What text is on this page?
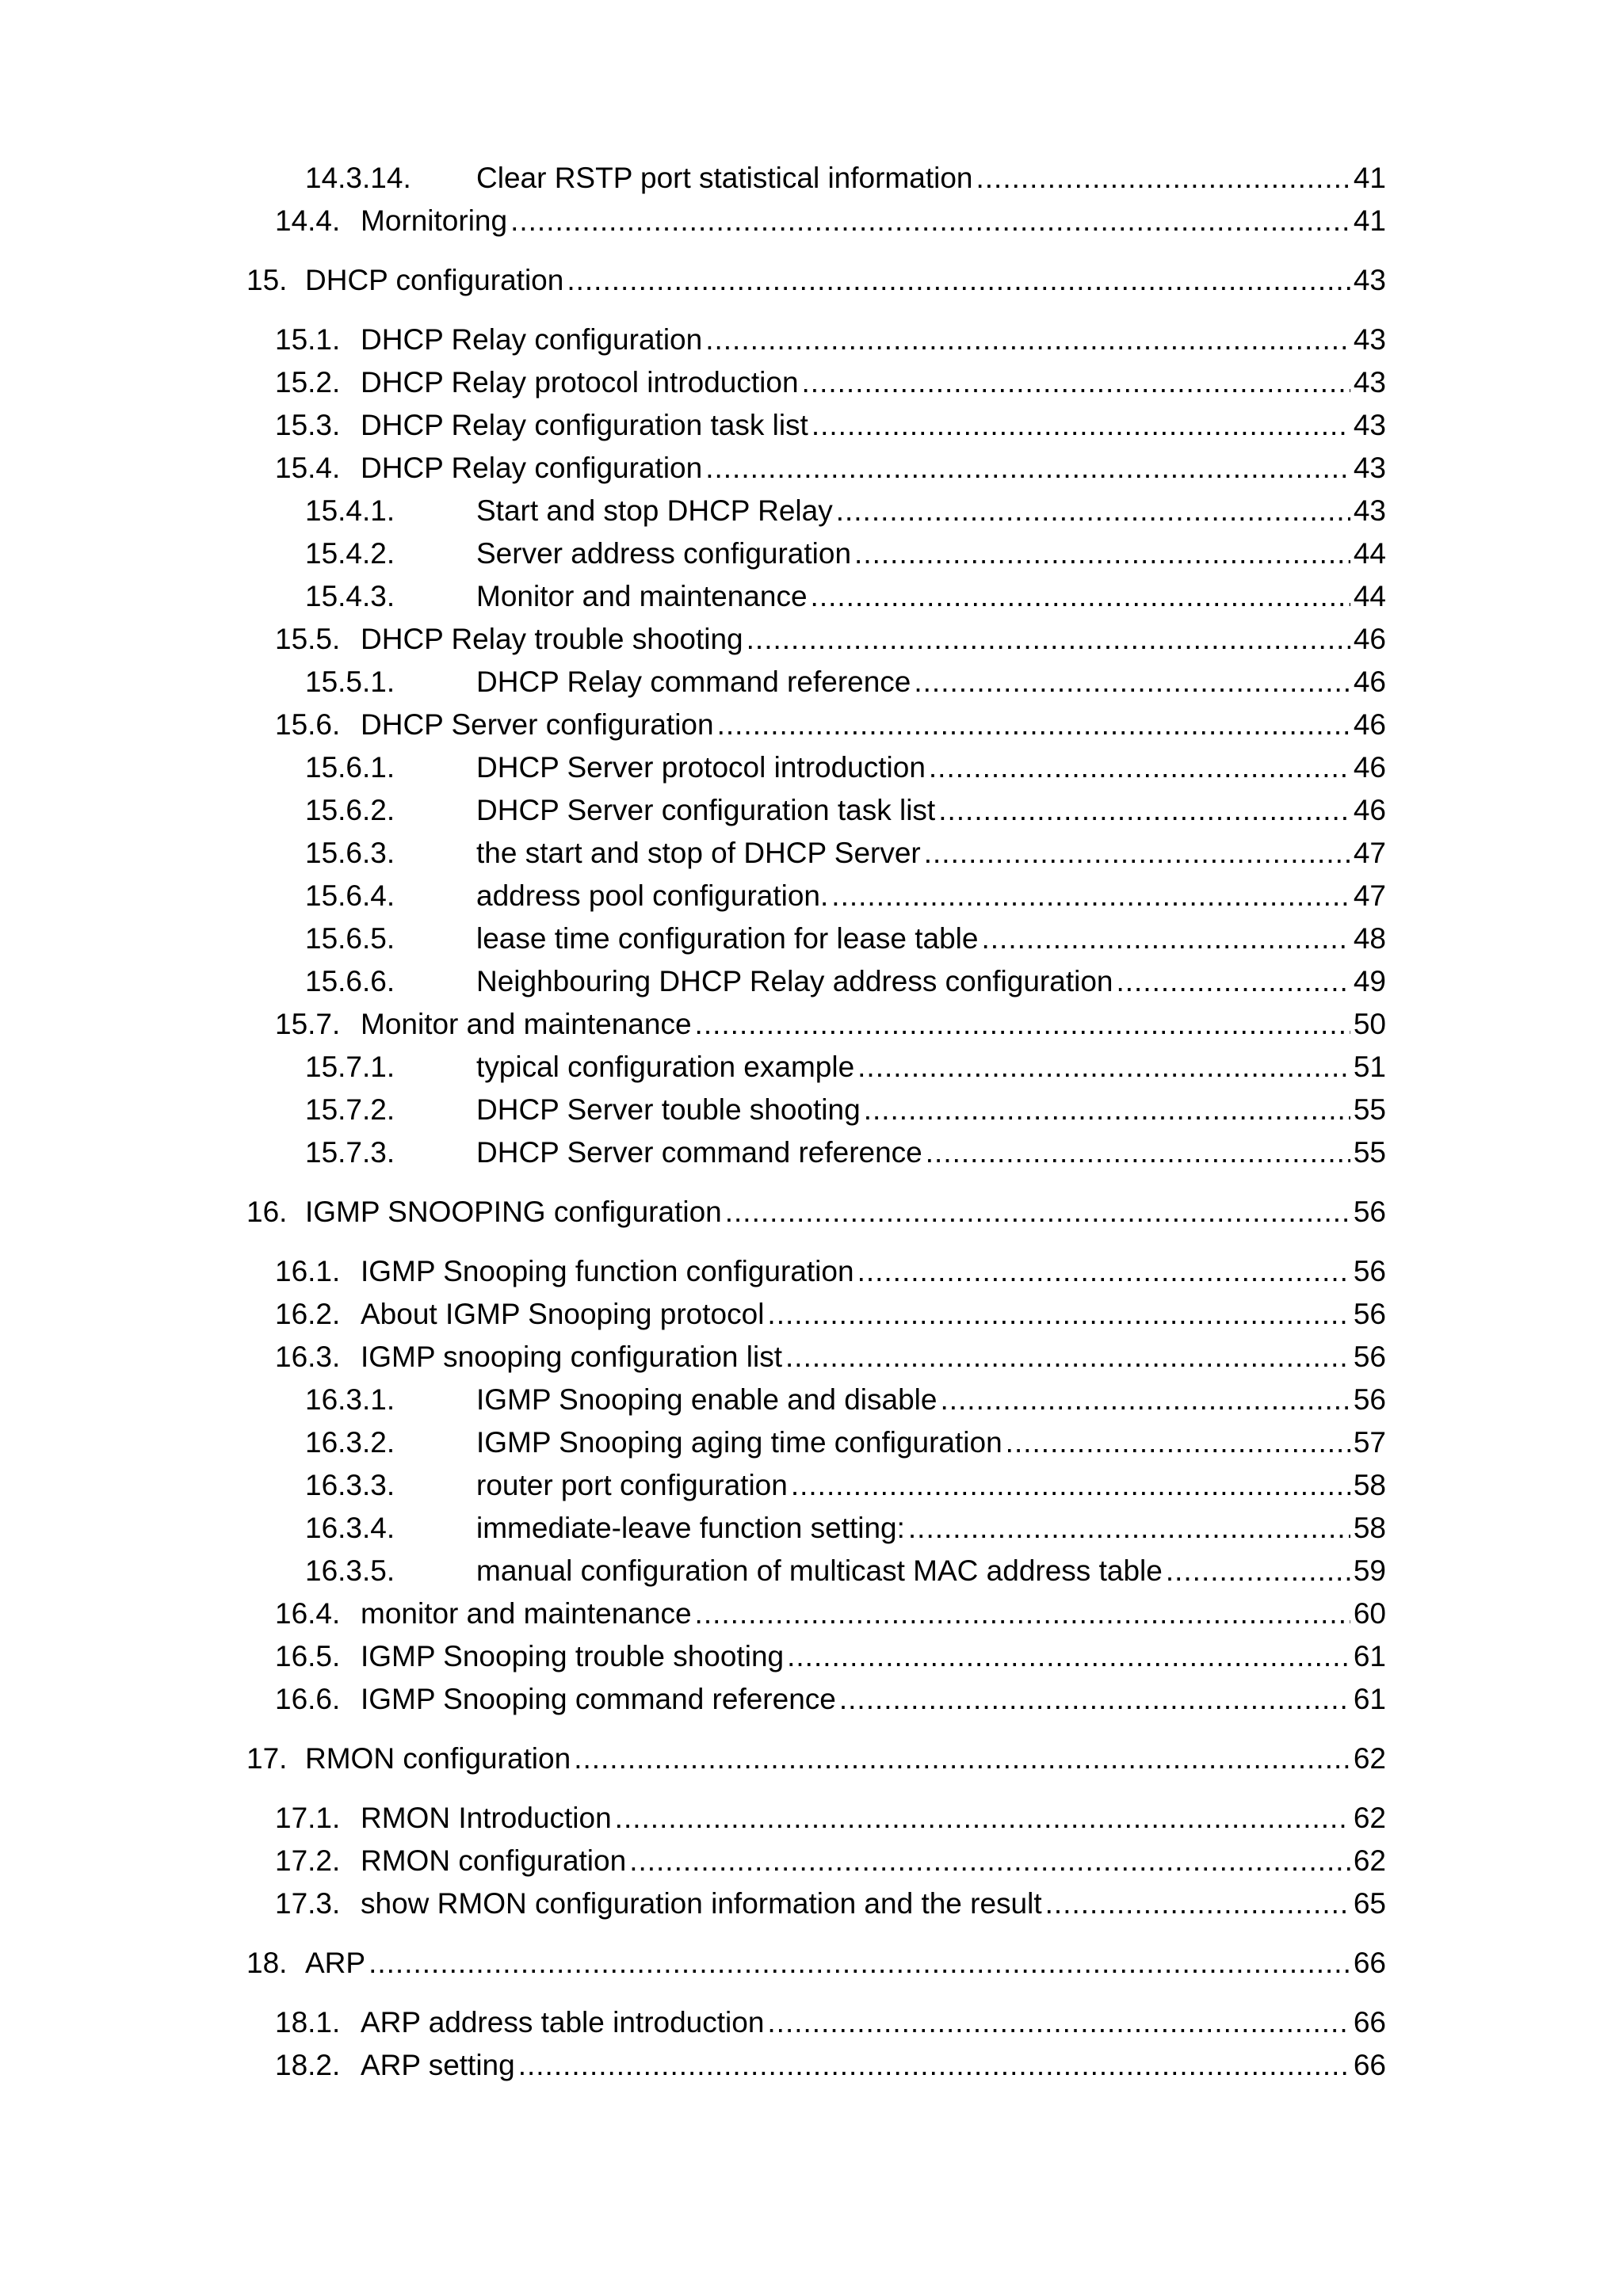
14.3.14.	Clear RSTP port statistical information .....	41
14.4. Mornitoring .....	41
15. DHCP configuration .....	43
15.1. DHCP Relay configuration .....	43
15.2. DHCP Relay protocol introduction .....	43
15.3. DHCP Relay configuration task list .....	43
15.4. DHCP Relay configuration .....	43
15.4.1.	Start and stop DHCP Relay .....	43
15.4.2.	Server address configuration .....	44
15.4.3.	Monitor and maintenance .....	44
15.5. DHCP Relay trouble shooting .....	46
15.5.1.	DHCP Relay command reference .....	46
15.6. DHCP Server configuration .....	46
15.6.1.	DHCP Server protocol introduction .....	46
15.6.2.	DHCP Server configuration task list .....	46
15.6.3.	the start and stop of DHCP Server .....	47
15.6.4.	address pool configuration. .....	47
15.6.5.	lease time configuration for lease table .....	48
15.6.6.	Neighbouring DHCP Relay address configuration .....	49
15.7. Monitor and maintenance .....	50
15.7.1.	typical configuration example .....	51
15.7.2.	DHCP Server touble shooting .....	55
15.7.3.	DHCP Server command reference .....	55
16. IGMP SNOOPING configuration .....	56
16.1. IGMP Snooping function configuration .....	56
16.2. About IGMP Snooping protocol .....	56
16.3. IGMP snooping configuration list .....	56
16.3.1.	IGMP Snooping enable and disable .....	56
16.3.2.	IGMP Snooping aging time configuration .....	57
16.3.3.	router port configuration .....	58
16.3.4.	immediate-leave function setting: .....	58
16.3.5.	manual configuration of multicast MAC address table .....	59
16.4. monitor and maintenance .....	60
16.5. IGMP Snooping trouble shooting .....	61
16.6. IGMP Snooping command reference .....	61
17. RMON configuration .....	62
17.1. RMON Introduction .....	62
17.2. RMON configuration .....	62
17.3. show RMON configuration information and the result .....	65
18. ARP .....	66
18.1. ARP address table introduction .....	66
18.2. ARP setting .....	66
